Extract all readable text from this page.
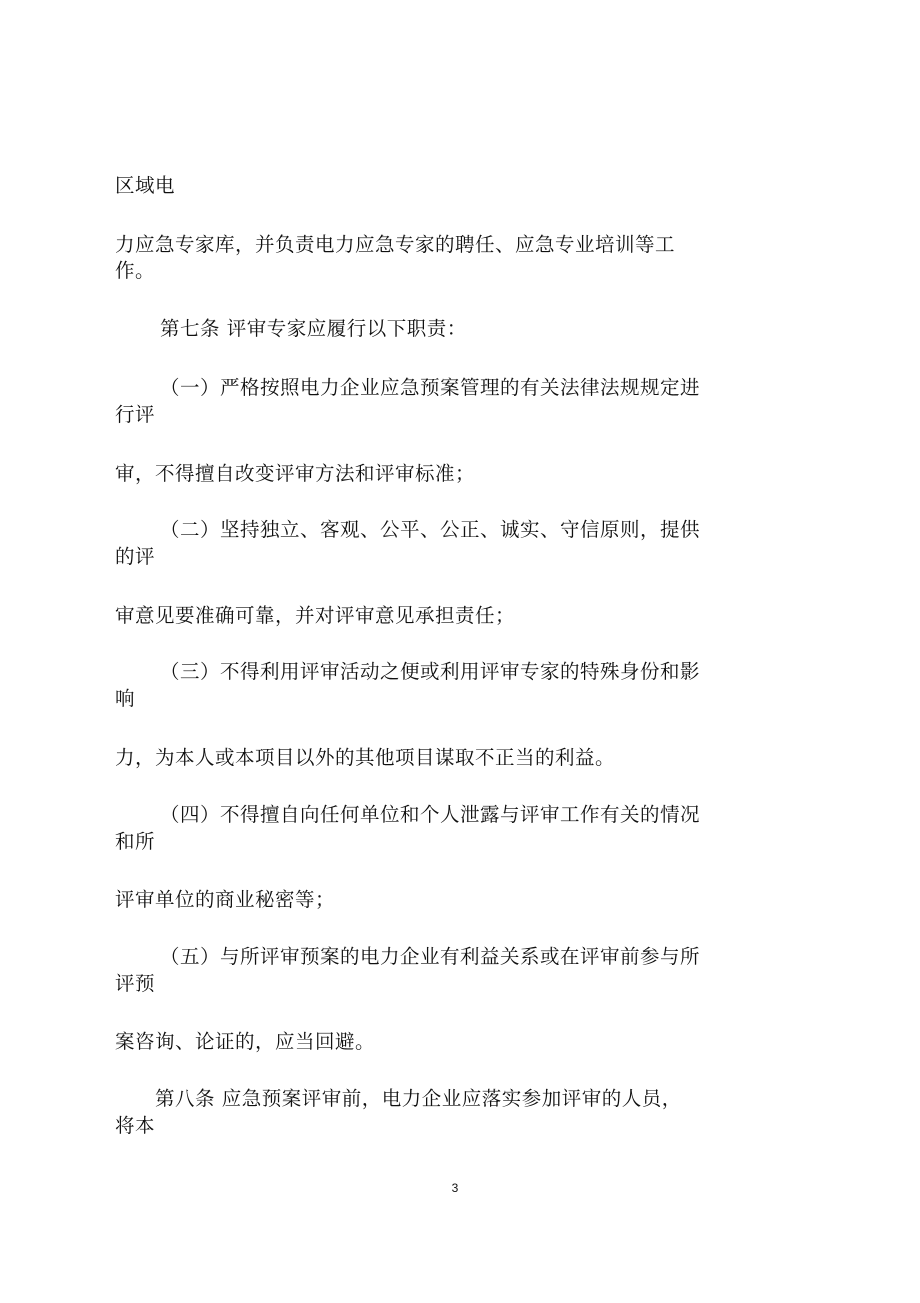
区域电
力应急专家库，并负责电力应急专家的聘任、应急专业培训等工
作。
第七条 评审专家应履行以下职责：
（一）严格按照电力企业应急预案管理的有关法律法规规定进
行评
审，不得擅自改变评审方法和评审标准；
（二）坚持独立、客观、公平、公正、诚实、守信原则，提供
的评
审意见要准确可靠，并对评审意见承担责任；
（三）不得利用评审活动之便或利用评审专家的特殊身份和影
响
力，为本人或本项目以外的其他项目谋取不正当的利益。
（四）不得擅自向任何单位和个人泄露与评审工作有关的情况
和所
评审单位的商业秘密等；
（五）与所评审预案的电力企业有利益关系或在评审前参与所
评预
案咨询、论证的，应当回避。
第八条 应急预案评审前，电力企业应落实参加评审的人员，
将本
3
